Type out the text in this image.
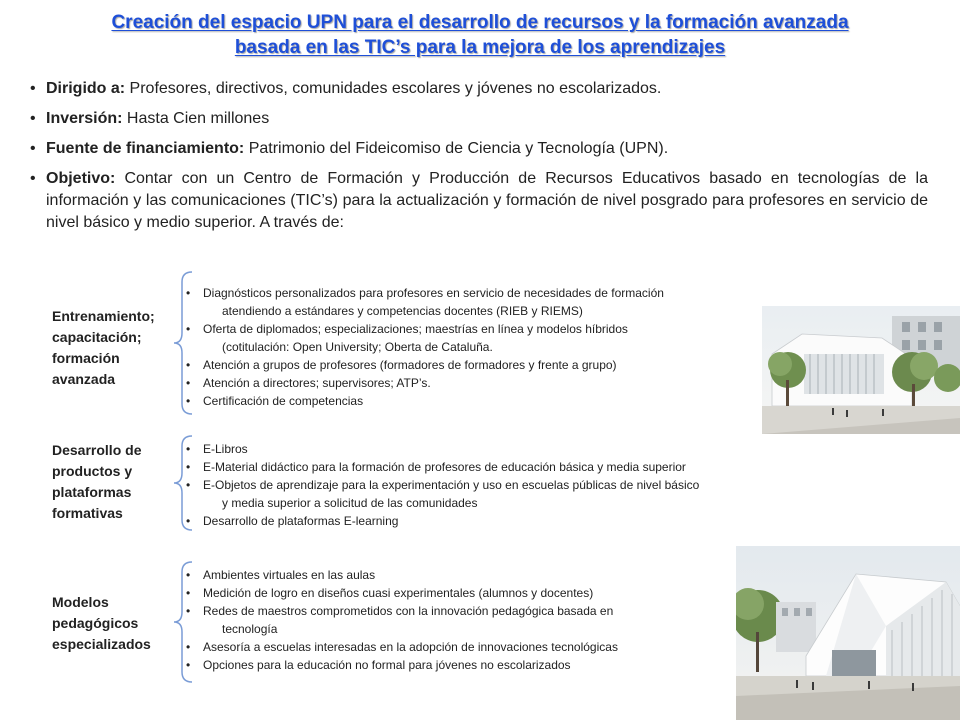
Creación del espacio UPN para el desarrollo de recursos y la formación avanzada
basada en las TIC’s para la mejora de los aprendizajes
• Dirigido a: Profesores, directivos, comunidades escolares y jóvenes no escolarizados.
• Inversión: Hasta Cien millones
• Fuente de financiamiento: Patrimonio del Fideicomiso de Ciencia y Tecnología (UPN).
• Objetivo: Contar con un Centro de Formación y Producción de Recursos Educativos basado en tecnologías de la información y las comunicaciones (TIC’s) para la actualización y formación de nivel posgrado para profesores en servicio de nivel básico y medio superior. A través de:
Entrenamiento;
capacitación;
formación
avanzada
• Diagnósticos personalizados para profesores en servicio de necesidades de formación
atendiendo a estándares y competencias docentes (RIEB y RIEMS)
• Oferta de diplomados; especializaciones; maestrías en línea y modelos híbridos
(cotitulación: Open University; Oberta de Cataluña.
• Atención a grupos de profesores (formadores de formadores y frente a grupo)
• Atención a directores; supervisores; ATP’s.
• Certificación de competencias
Desarrollo de
productos y
plataformas
formativas
• E-Libros
• E-Material didáctico para la formación de profesores de educación básica y media superior
• E-Objetos de aprendizaje para la experimentación y uso en escuelas públicas de nivel básico
y media superior a solicitud de las comunidades
• Desarrollo de plataformas E-learning
Modelos
pedagógicos
especializados
• Ambientes virtuales en las aulas
• Medición de logro en diseños cuasi experimentales (alumnos y docentes)
• Redes de maestros comprometidos con la innovación pedagógica basada en
tecnología
• Asesoría a escuelas interesadas en la adopción de innovaciones tecnológicas
• Opciones para la educación no formal para jóvenes no escolarizados
